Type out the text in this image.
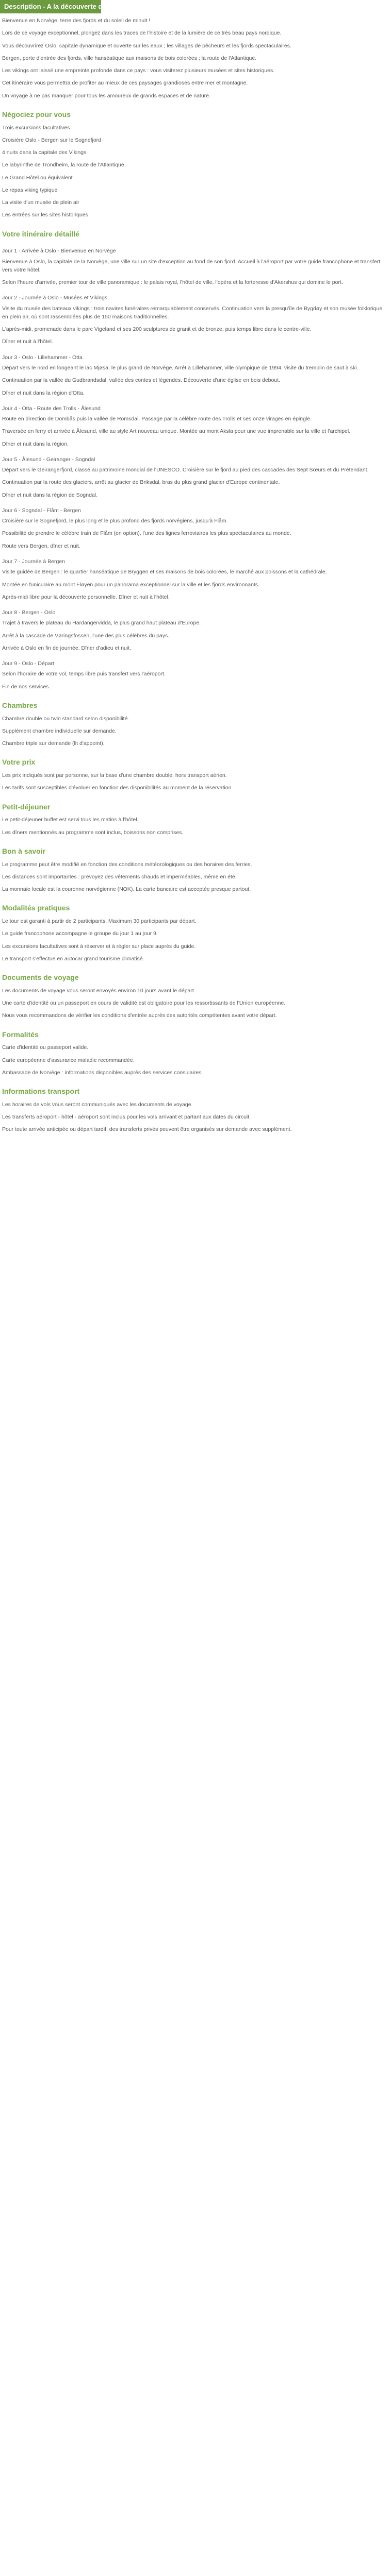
Description - A la découverte des vikings - 3*

Bienvenue en Norvège, terre des fjords et du soleil de minuit !

Lors de ce voyage exceptionnel, plongez dans les traces de l'histoire et de la lumière de ce très beau pays nordique.

Vous découvrirez Oslo, capitale dynamique et ouverte sur les eaux ; les villages de pêcheurs et les fjords spectaculaires.

Bergen, porte d'entrée des fjords, ville hanséatique aux maisons de bois colorées ; la route de l'Atlantique.

Les vikings ont laissé une empreinte profonde dans ce pays : vous visiterez plusieurs musées et sites historiques.

Cet itinéraire vous permettra de profiter au mieux de ces paysages grandioses entre mer et montagne.

Un voyage à ne pas manquer pour tous les amoureux de grands espaces et de nature.

Négociez pour vous

Trois excursions facultatives

Croisière Oslo - Bergen sur le Sognefjord

4 nuits dans la capitale des Vikings

Le labyrinthe de Trondheim, la route de l'Atlantique

Le Grand Hôtel ou équivalent

Le repas viking typique

La visite d'un musée de plein air

Les entrées sur les sites historiques

Votre itinéraire détaillé
Jour 1 - Arrivée à Oslo - Bienvenue en Norvège

Bienvenue à Oslo, la capitale de la Norvège, une ville sur un site d'exception au fond de son fjord. Accueil à l'aéroport par votre guide francophone et transfert vers votre hôtel.

Selon l'heure d'arrivée, premier tour de ville panoramique : le palais royal, l'hôtel de ville, l'opéra et la forteresse d'Akershus qui domine le port.

Jour 2 - Journée à Oslo - Musées et Vikings

Visite du musée des bateaux vikings : trois navires funéraires remarquablement conservés. Continuation vers la presqu'île de Bygdøy et son musée folklorique en plein air, où sont rassemblées plus de 150 maisons traditionnelles.

L'après-midi, promenade dans le parc Vigeland et ses 200 sculptures de granit et de bronze, puis temps libre dans le centre-ville.

Dîner et nuit à l'hôtel.

Jour 3 - Oslo - Lillehammer - Otta

Départ vers le nord en longeant le lac Mjøsa, le plus grand de Norvège. Arrêt à Lillehammer, ville olympique de 1994, visite du tremplin de saut à ski.

Continuation par la vallée du Gudbrandsdal, vallée des contes et légendes. Découverte d'une église en bois debout.

Dîner et nuit dans la région d'Otta.

Jour 4 - Otta - Route des Trolls - Ålesund

Route en direction de Dombås puis la vallée de Romsdal. Passage par la célèbre route des Trolls et ses onze virages en épingle.

Traversée en ferry et arrivée à Ålesund, ville au style Art nouveau unique. Montée au mont Aksla pour une vue imprenable sur la ville et l'archipel.

Dîner et nuit dans la région.

Jour 5 - Ålesund - Geiranger - Sogndal

Départ vers le Geirangerfjord, classé au patrimoine mondial de l'UNESCO. Croisière sur le fjord au pied des cascades des Sept Sœurs et du Prétendant.

Continuation par la route des glaciers, arrêt au glacier de Briksdal, bras du plus grand glacier d'Europe continentale.

Dîner et nuit dans la région de Sogndal.

Jour 6 - Sogndal - Flåm - Bergen

Croisière sur le Sognefjord, le plus long et le plus profond des fjords norvégiens, jusqu'à Flåm.

Possibilité de prendre le célèbre train de Flåm (en option), l'une des lignes ferroviaires les plus spectaculaires au monde.

Route vers Bergen, dîner et nuit.

Jour 7 - Journée à Bergen

Visite guidée de Bergen : le quartier hanséatique de Bryggen et ses maisons de bois colorées, le marché aux poissons et la cathédrale.

Montée en funiculaire au mont Fløyen pour un panorama exceptionnel sur la ville et les fjords environnants.

Après-midi libre pour la découverte personnelle. Dîner et nuit à l'hôtel.

Jour 8 - Bergen - Oslo

Trajet à travers le plateau du Hardangervidda, le plus grand haut plateau d'Europe.

Arrêt à la cascade de Vøringsfossen, l'une des plus célèbres du pays.

Arrivée à Oslo en fin de journée. Dîner d'adieu et nuit.

Jour 9 - Oslo - Départ

Selon l'horaire de votre vol, temps libre puis transfert vers l'aéroport.

Fin de nos services.

Chambres

Chambre double ou twin standard selon disponibilité.

Supplément chambre individuelle sur demande.

Chambre triple sur demande (lit d'appoint).

Votre prix

Les prix indiqués sont par personne, sur la base d'une chambre double, hors transport aérien.

Les tarifs sont susceptibles d'évoluer en fonction des disponibilités au moment de la réservation.

Petit-déjeuner

Le petit-déjeuner buffet est servi tous les matins à l'hôtel.

Les dîners mentionnés au programme sont inclus, boissons non comprises.

Bon à savoir

Le programme peut être modifié en fonction des conditions météorologiques ou des horaires des ferries.

Les distances sont importantes : prévoyez des vêtements chauds et imperméables, même en été.

La monnaie locale est la couronne norvégienne (NOK). La carte bancaire est acceptée presque partout.

Modalités pratiques

Le tour est garanti à partir de 2 participants. Maximum 30 participants par départ.

Le guide francophone accompagne le groupe du jour 1 au jour 9.

Les excursions facultatives sont à réserver et à régler sur place auprès du guide.

Le transport s'effectue en autocar grand tourisme climatisé.

Documents de voyage

Les documents de voyage vous seront envoyés environ 10 jours avant le départ.

Une carte d'identité ou un passeport en cours de validité est obligatoire pour les ressortissants de l'Union européenne.

Nous vous recommandons de vérifier les conditions d'entrée auprès des autorités compétentes avant votre départ.

Formalités

Carte d'identité ou passeport valide.

Carte européenne d'assurance maladie recommandée.

Ambassade de Norvège : informations disponibles auprès des services consulaires.

Informations transport

Les horaires de vols vous seront communiqués avec les documents de voyage.

Les transferts aéroport - hôtel - aéroport sont inclus pour les vols arrivant et partant aux dates du circuit.

Pour toute arrivée anticipée ou départ tardif, des transferts privés peuvent être organisés sur demande avec supplément.
